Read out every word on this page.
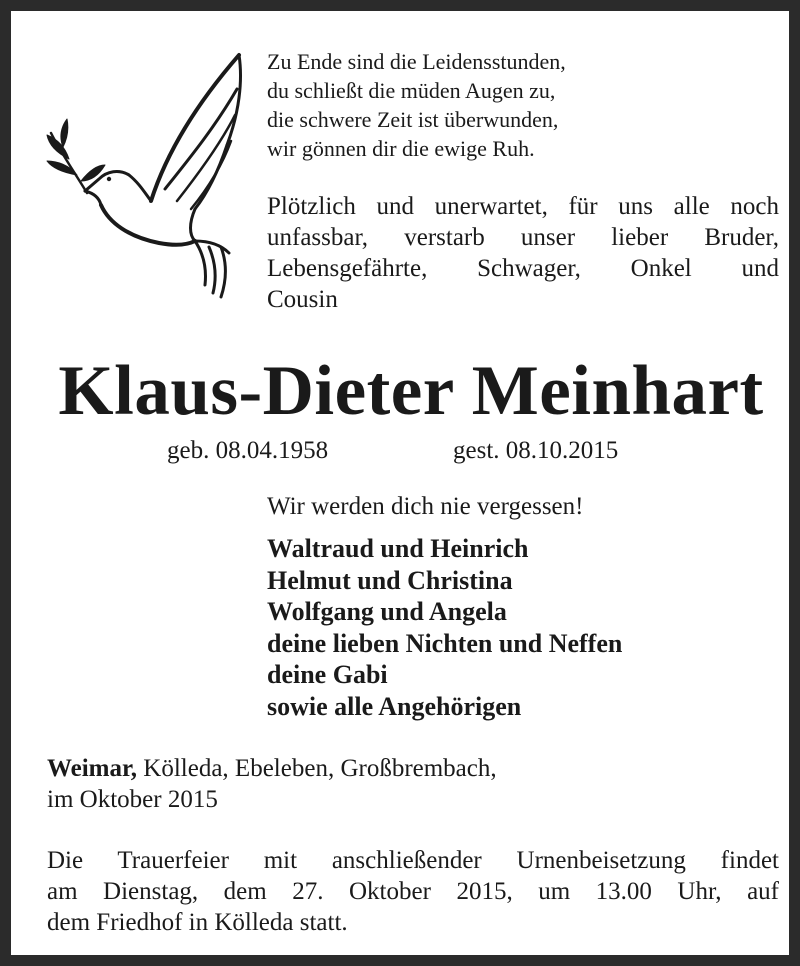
Zu Ende sind die Leidensstunden,
du schließt die müden Augen zu,
die schwere Zeit ist überwunden,
wir gönnen dir die ewige Ruh.
Plötzlich und unerwartet, für uns alle noch
unfassbar, verstarb unser lieber Bruder,
Lebensgefährte, Schwager, Onkel und
Cousin
Klaus-Dieter Meinhart
geb. 08.04.1958	gest. 08.10.2015
Wir werden dich nie vergessen!
Waltraud und Heinrich
Helmut und Christina
Wolfgang und Angela
deine lieben Nichten und Neffen
deine Gabi
sowie alle Angehörigen
Weimar, Kölleda, Ebeleben, Großbrembach,
im Oktober 2015
Die Trauerfeier mit anschließender Urnenbeisetzung findet
am Dienstag, dem 27. Oktober 2015, um 13.00 Uhr, auf
dem Friedhof in Kölleda statt.
